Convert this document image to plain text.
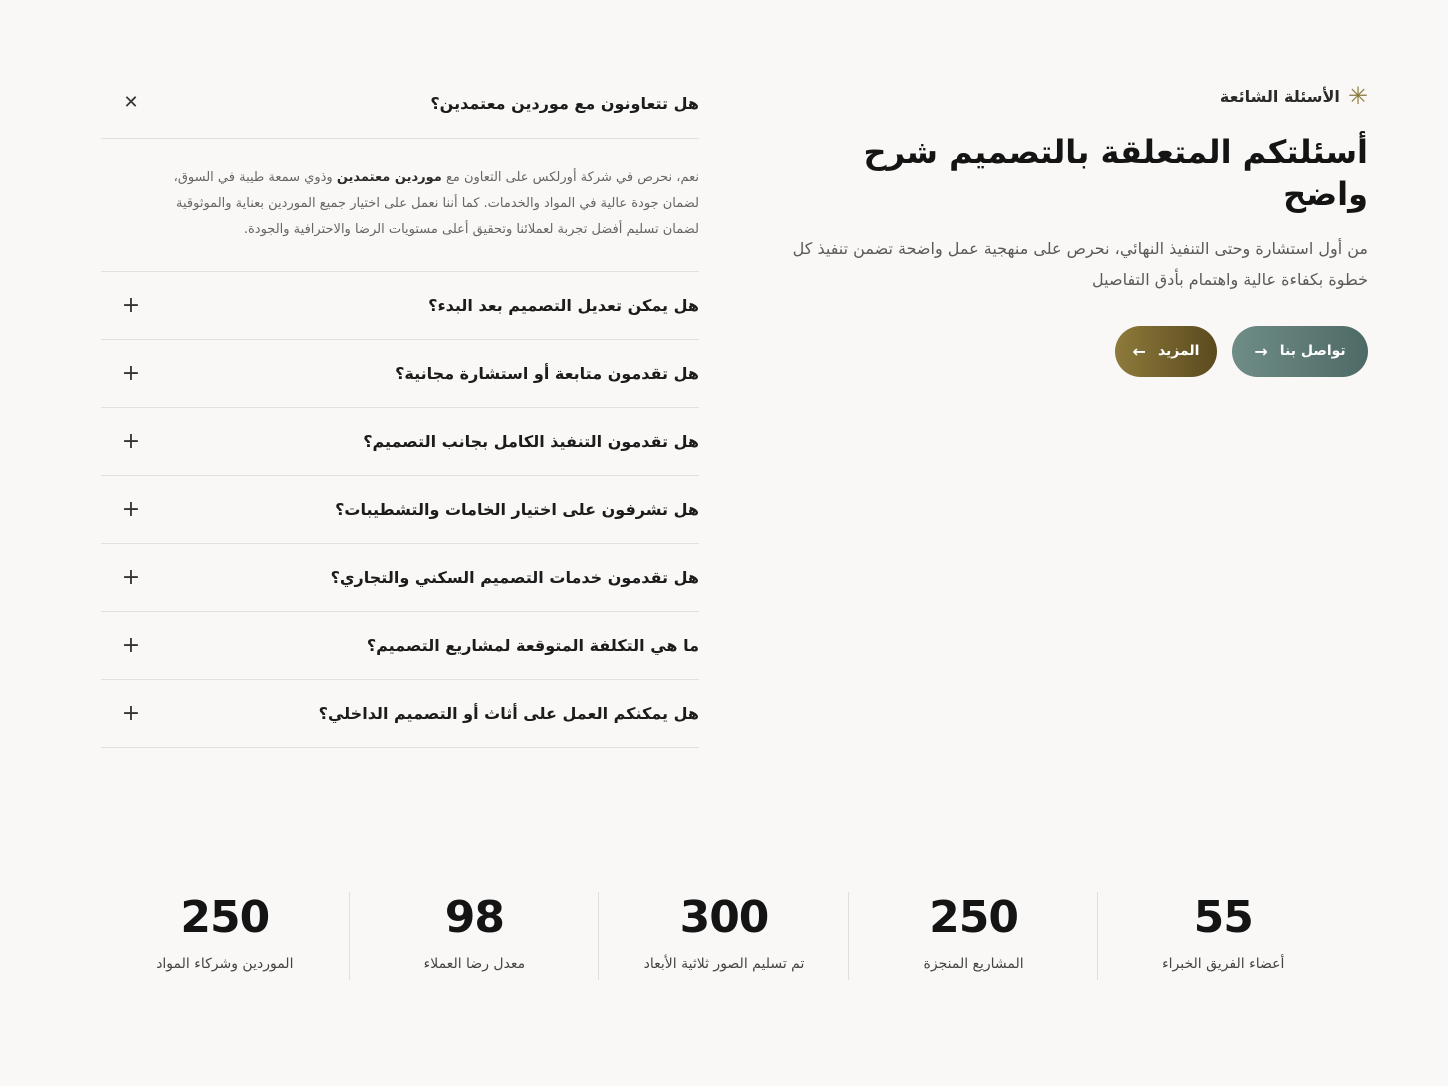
✳
الأسئلة الشائعة
أسئلتكم المتعلقة بالتصميم شرح واضح

من أول استشارة وحتى التنفيذ النهائي، نحرص على منهجية عمل واضحة تضمن تنفيذ كل خطوة بكفاءة عالية واهتمام بأدق التفاصيل

تواصل بنا
→
المزيد
←
هل تتعاونون مع موردين معتمدين؟
✕
نعم، نحرص في شركة أورلكس على التعاون مع موردين معتمدين وذوي سمعة طيبة في السوق، لضمان جودة عالية في المواد والخدمات. كما أننا نعمل على اختيار جميع الموردين بعناية والموثوقية لضمان تسليم أفضل تجربة لعملائنا وتحقيق أعلى مستويات الرضا والاحترافية والجودة.
هل يمكن تعديل التصميم بعد البدء؟
+
هل تقدمون متابعة أو استشارة مجانية؟
+
هل تقدمون التنفيذ الكامل بجانب التصميم؟
+
هل تشرفون على اختيار الخامات والتشطيبات؟
+
هل تقدمون خدمات التصميم السكني والتجاري؟
+
ما هي التكلفة المتوقعة لمشاريع التصميم؟
+
هل يمكنكم العمل على أثاث أو التصميم الداخلي؟
+
55
أعضاء الفريق الخبراء
250
المشاريع المنجزة
300
تم تسليم الصور ثلاثية الأبعاد
98
معدل رضا العملاء
250
الموردين وشركاء المواد
